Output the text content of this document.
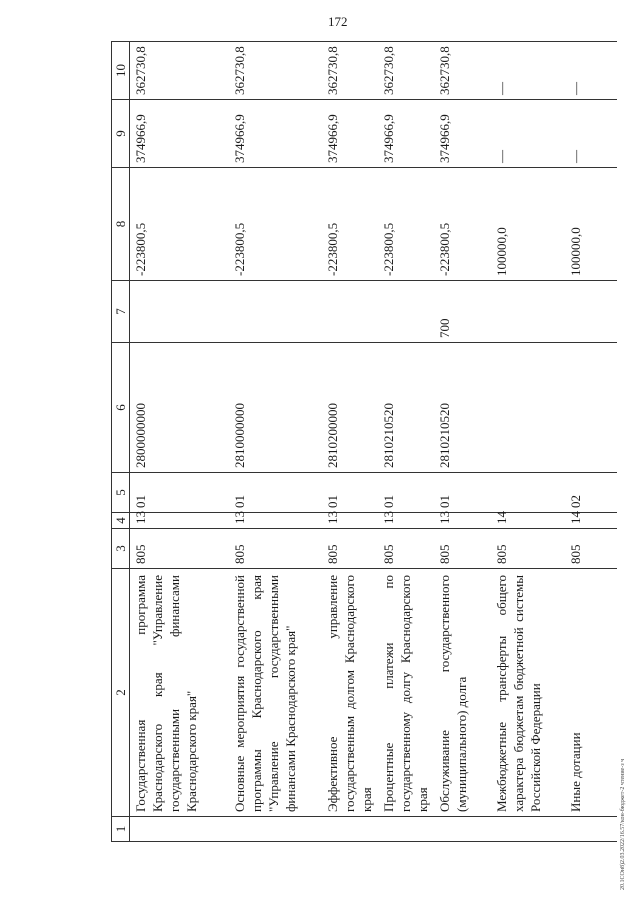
172
20.1СОн8)2.03.2022/16.57/кон-бюджет-2 чтение-з ч
1	2	3	4	5	6	7	8	9	10
	Государственная программа Краснодарского края "Управление государственными финансами Краснодарского края"	805	13	01	2800000000		-223800,5	374966,9	362730,8
	Основные мероприятия государственной программы Краснодарского края "Управление государственными финансами Краснодарского края"	805	13	01	2810000000		-223800,5	374966,9	362730,8
	Эффективное управление государственным долгом Краснодарского края	805	13	01	2810200000		-223800,5	374966,9	362730,8
	Процентные платежи по государственному долгу Краснодарского края	805	13	01	2810210520		-223800,5	374966,9	362730,8
	Обслуживание государственного (муниципального) долга	805	13	01	2810210520	700	-223800,5	374966,9	362730,8
	Межбюджетные трансферты общего характера бюджетам бюджетной системы Российской Федерации	805	14				100000,0	—	—
	Иные дотации	805	14	02			100000,0	—	—
